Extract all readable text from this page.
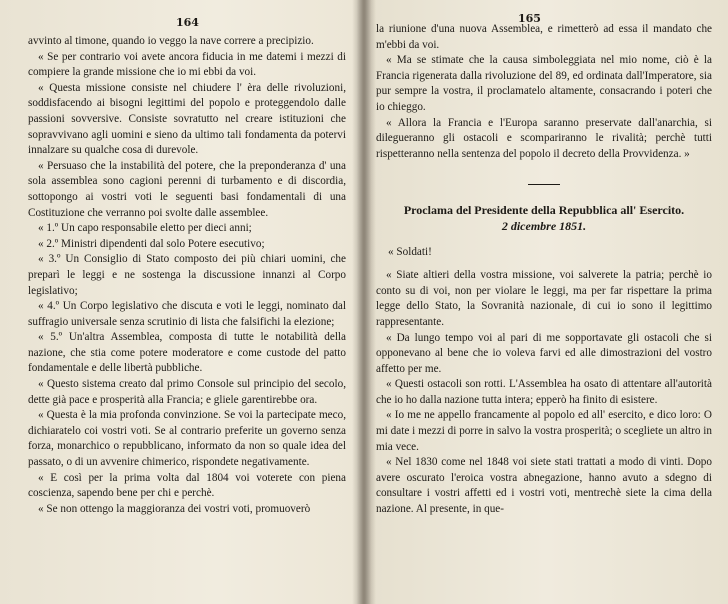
164

avvinto al timone, quando io veggo la nave correre a precipizio.

« Se per contrario voi avete ancora fiducia in me datemi i mezzi di compiere la grande missione che io mi ebbi da voi.

« Questa missione consiste nel chiudere l' èra delle rivoluzioni, soddisfacendo ai bisogni legittimi del popolo e proteggendolo dalle passioni sovversive. Consiste sovratutto nel creare istituzioni che sopravvivano agli uomini e sieno da ultimo tali fondamenta da potervi innalzare su qualche cosa di durevole.

« Persuaso che la instabilità del potere, che la preponderanza d' una sola assemblea sono cagioni perenni di turbamento e di discordia, sottopongo ai vostri voti le seguenti basi fondamentali di una Costituzione che verranno poi svolte dalle assemblee.

« 1.º Un capo responsabile eletto per dieci anni;

« 2.º Ministri dipendenti dal solo Potere esecutivo;

« 3.º Un Consiglio di Stato composto dei più chiari uomini, che preparì le leggi e ne sostenga la discussione innanzi al Corpo legislativo;

« 4.º Un Corpo legislativo che discuta e voti le leggi, nominato dal suffragio universale senza scrutinio di lista che falsifichi la elezione;

« 5.º Un'altra Assemblea, composta di tutte le notabilità della nazione, che stia come potere moderatore e come custode del patto fondamentale e delle libertà pubbliche.

« Questo sistema creato dal primo Console sul principio del secolo, dette già pace e prosperità alla Francia; e gliele garentirebbe ora.

« Questa è la mia profonda convinzione. Se voi la partecipate meco, dichiaratelo coi vostri voti. Se al contrario preferite un governo senza forza, monarchico o repubblicano, informato da non so quale idea del passato, o di un avvenire chimerico, rispondete negativamente.

« E così per la prima volta dal 1804 voi voterete con piena coscienza, sapendo bene per chi e perchè.

« Se non ottengo la maggioranza dei vostri voti, promuoverò

165

la riunione d'una nuova Assemblea, e rimetterò ad essa il mandato che m'ebbi da voi.

« Ma se stimate che la causa simboleggiata nel mio nome, ciò è la Francia rigenerata dalla rivoluzione del 89, ed ordinata dall'Imperatore, sia pur sempre la vostra, il proclamatelo altamente, consacrando i poteri che io chieggo.

« Allora la Francia e l'Europa saranno preservate dall'anarchia, si dilegueranno gli ostacoli e scompariranno le rivalità; perchè tutti rispetteranno nella sentenza del popolo il decreto della Provvidenza. »

Proclama del Presidente della Repubblica all' Esercito.

2 dicembre 1851.

« Soldati!

« Siate altieri della vostra missione, voi salverete la patria; perchè io conto su di voi, non per violare le leggi, ma per far rispettare la prima legge dello Stato, la Sovranità nazionale, di cui io sono il legittimo rappresentante.

« Da lungo tempo voi al pari di me sopportavate gli ostacoli che si opponevano al bene che io voleva farvi ed alle dimostrazioni del vostro affetto per me.

« Questi ostacoli son rotti. L'Assemblea ha osato di attentare all'autorità che io ho dalla nazione tutta intera; epperò ha finito di esistere.

« Io me ne appello francamente al popolo ed all' esercito, e dico loro: O mi date i mezzi di porre in salvo la vostra prosperità; o scegliete un altro in mia vece.

« Nel 1830 come nel 1848 voi siete stati trattati a modo di vinti. Dopo avere oscurato l'eroica vostra abnegazione, hanno avuto a sdegno di consultare i vostri affetti ed i vostri voti, mentrechè siete la cima della nazione. Al presente, in que-
